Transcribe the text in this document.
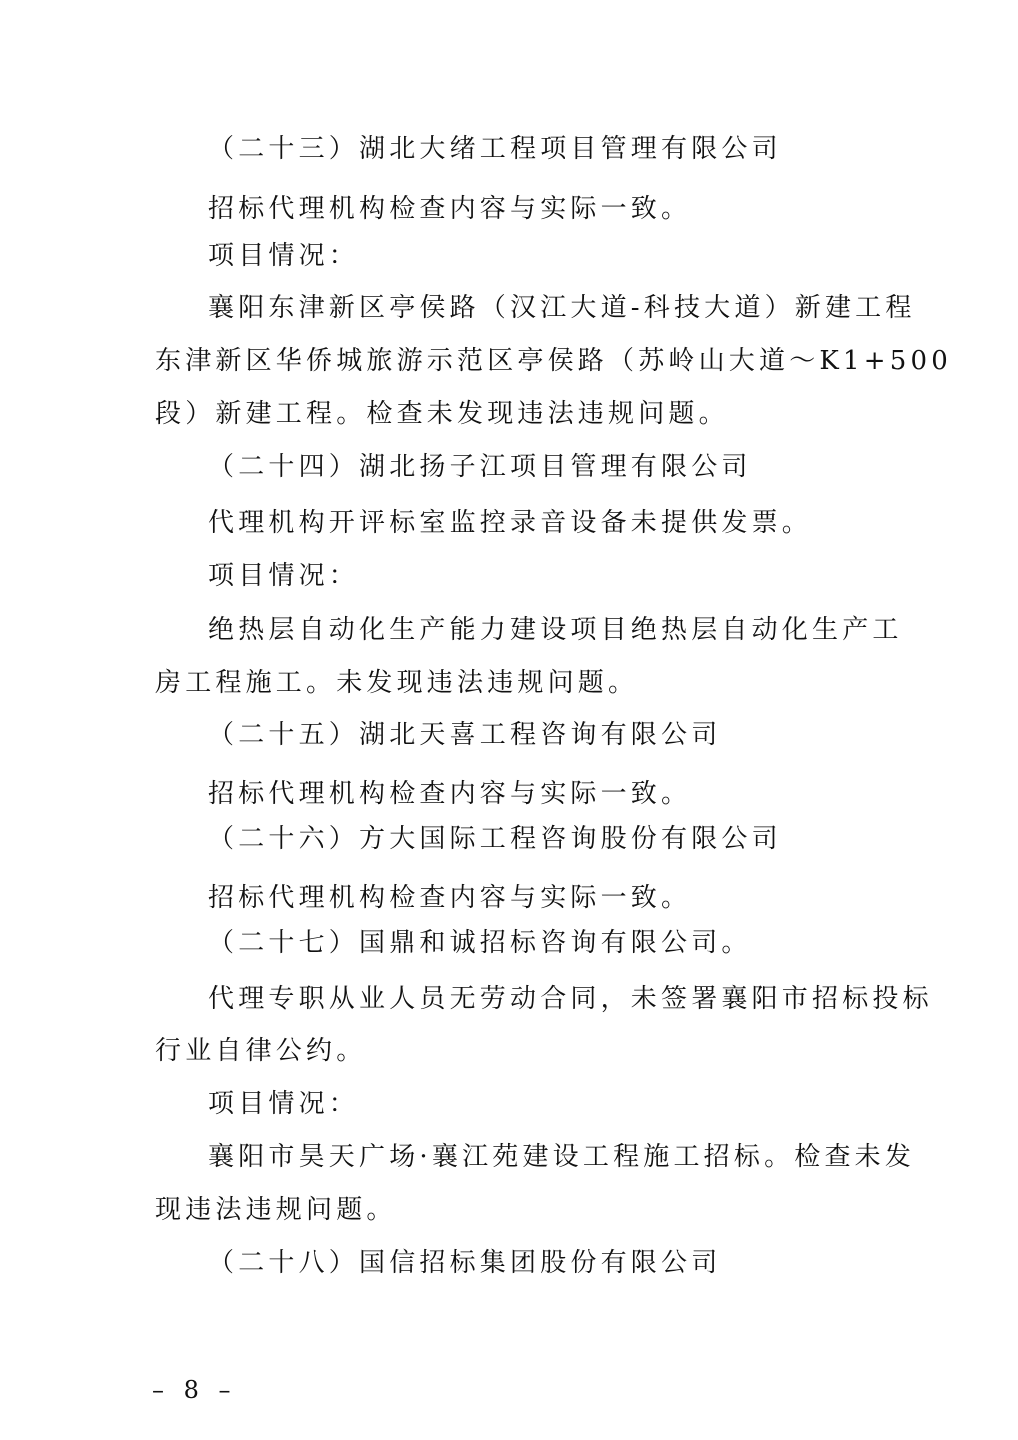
（二十三）湖北大绪工程项目管理有限公司
招标代理机构检查内容与实际一致。
项目情况：
襄阳东津新区亭侯路（汉江大道-科技大道）新建工程
东津新区华侨城旅游示范区亭侯路（苏岭山大道～K1+500
段）新建工程。检查未发现违法违规问题。
（二十四）湖北扬子江项目管理有限公司
代理机构开评标室监控录音设备未提供发票。
项目情况：
绝热层自动化生产能力建设项目绝热层自动化生产工
房工程施工。未发现违法违规问题。
（二十五）湖北天喜工程咨询有限公司
招标代理机构检查内容与实际一致。
（二十六）方大国际工程咨询股份有限公司
招标代理机构检查内容与实际一致。
（二十七）国鼎和诚招标咨询有限公司。
代理专职从业人员无劳动合同，未签署襄阳市招标投标
行业自律公约。
项目情况：
襄阳市昊天广场·襄江苑建设工程施工招标。检查未发
现违法违规问题。
（二十八）国信招标集团股份有限公司
– 8 –
